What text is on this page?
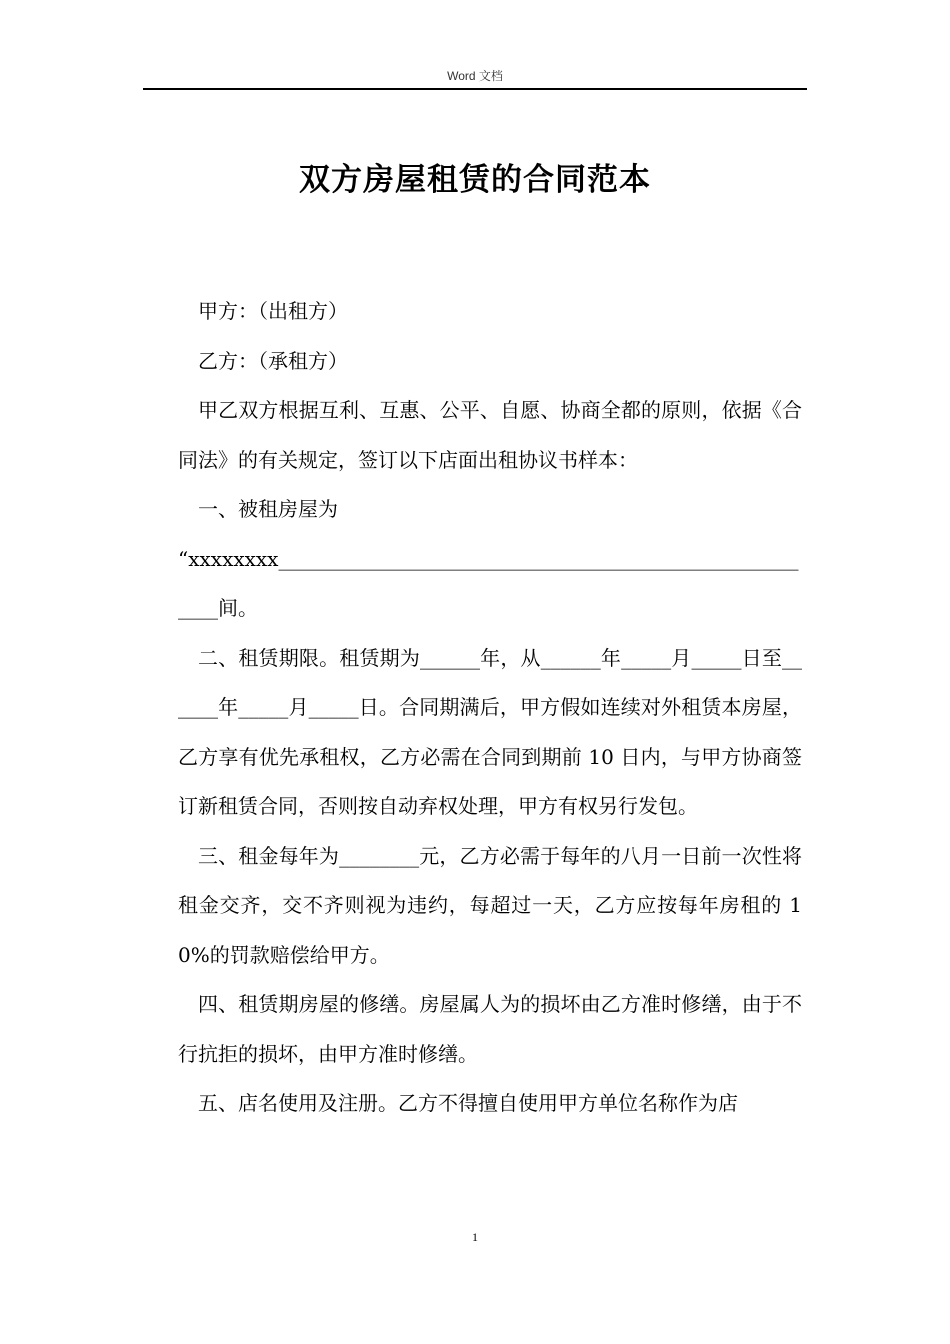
Word 文档
双方房屋租赁的合同范本

甲方：（出租方）

乙方：（承租方）

甲乙双方根据互利、互惠、公平、自愿、协商全都的原则，依据《合同法》的有关规定，签订以下店面出租协议书样本：

一、被租房屋为

“xxxxxxxx________________________________________________________间。

二、租赁期限。租赁期为______年，从______年_____月_____日至______年_____月_____日。合同期满后，甲方假如连续对外租赁本房屋，乙方享有优先承租权，乙方必需在合同到期前 10 日内，与甲方协商签订新租赁合同，否则按自动弃权处理，甲方有权另行发包。

三、租金每年为________元，乙方必需于每年的八月一日前一次性将租金交齐，交不齐则视为违约，每超过一天，乙方应按每年房租的 10%的罚款赔偿给甲方。

四、租赁期房屋的修缮。房屋属人为的损坏由乙方准时修缮，由于不行抗拒的损坏，由甲方准时修缮。

五、店名使用及注册。乙方不得擅自使用甲方单位名称作为店

1
